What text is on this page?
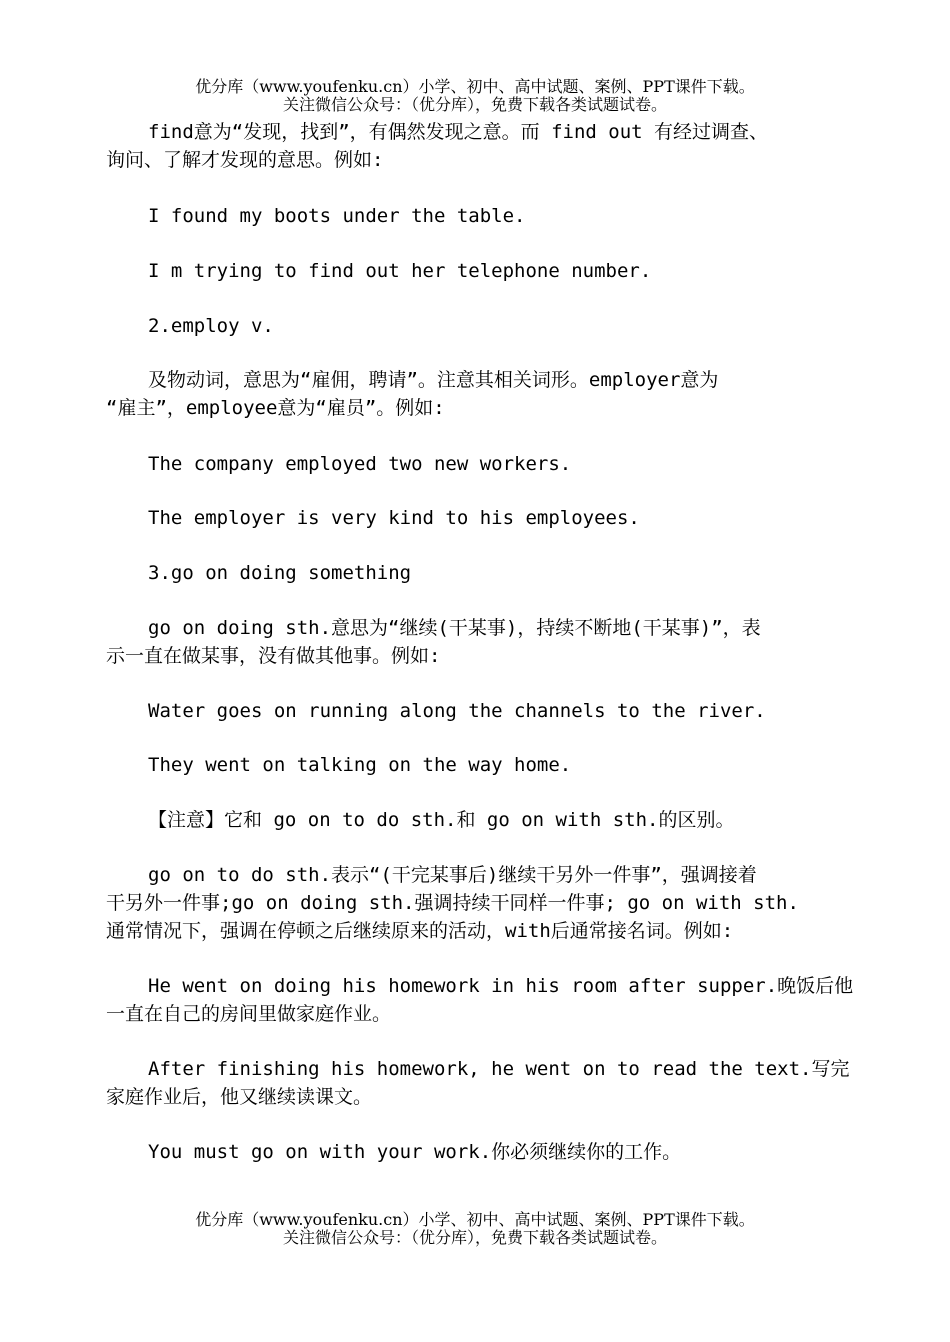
优分库（www.youfenku.cn）小学、初中、高中试题、案例、PPT课件下载。
关注微信公众号：（优分库），免费下载各类试题试卷。
find意为“发现，找到”，有偶然发现之意。而 find out 有经过调查、
询问、了解才发现的意思。例如:
I found my boots under the table.
I m trying to find out her telephone number.
2.employ v.
及物动词，意思为“雇佣，聘请”。注意其相关词形。employer意为
“雇主”，employee意为“雇员”。例如:
The company employed two new workers.
The employer is very kind to his employees.
3.go on doing something
go on doing sth.意思为“继续(干某事)，持续不断地(干某事)”，表
示一直在做某事，没有做其他事。例如:
Water goes on running along the channels to the river.
They went on talking on the way home.
【注意】它和 go on to do sth.和 go on with sth.的区别。
go on to do sth.表示“(干完某事后)继续干另外一件事”，强调接着
干另外一件事;go on doing sth.强调持续干同样一件事; go on with sth.
通常情况下，强调在停顿之后继续原来的活动，with后通常接名词。例如:
He went on doing his homework in his room after supper.晚饭后他
一直在自己的房间里做家庭作业。
After finishing his homework, he went on to read the text.写完
家庭作业后，他又继续读课文。
You must go on with your work.你必须继续你的工作。
优分库（www.youfenku.cn）小学、初中、高中试题、案例、PPT课件下载。
关注微信公众号：（优分库），免费下载各类试题试卷。
